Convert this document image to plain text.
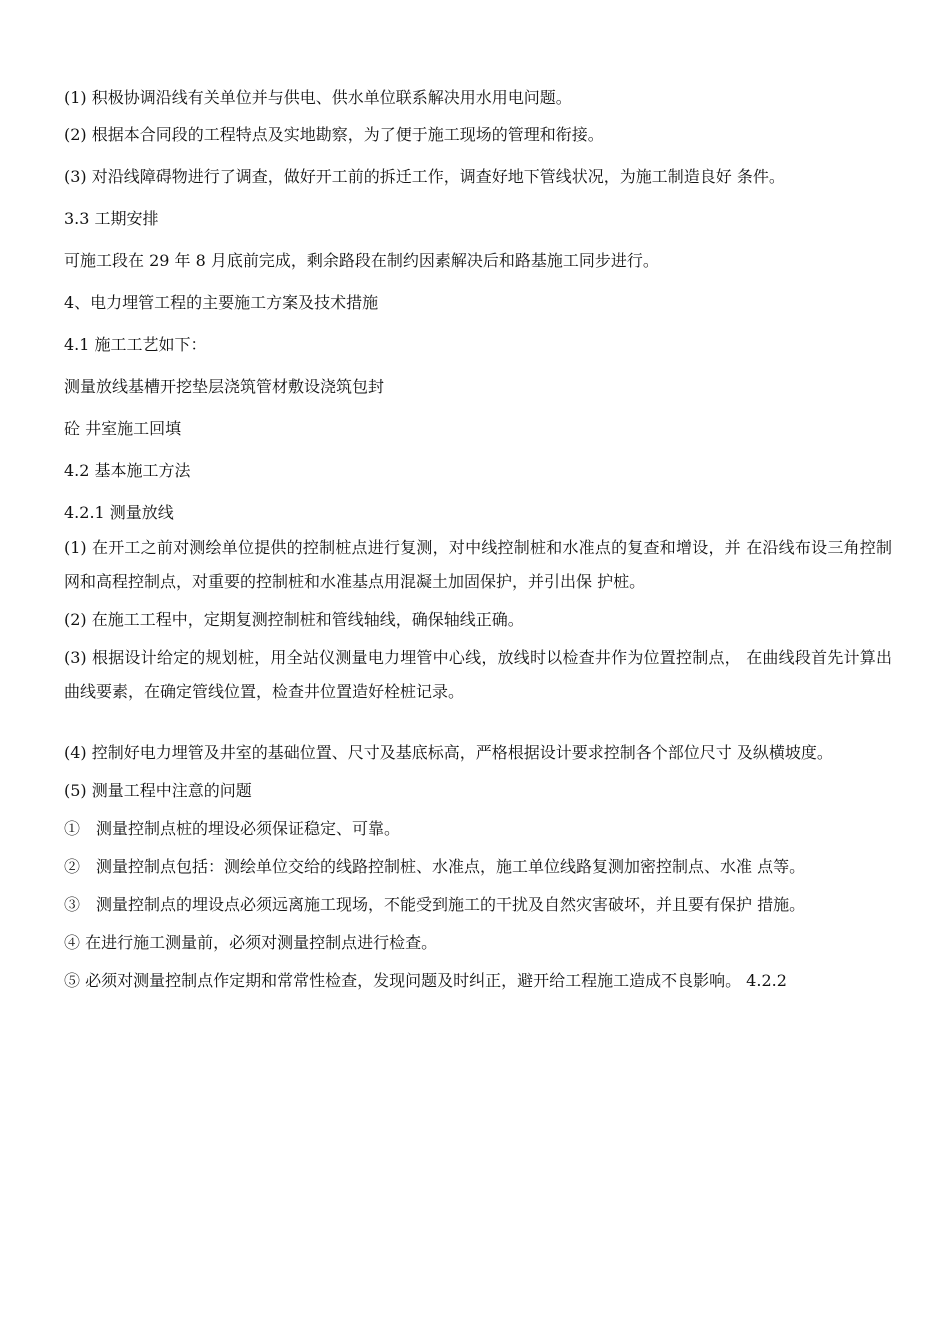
(1) 积极协调沿线有关单位并与供电、供水单位联系解决用水用电问题。

(2) 根据本合同段的工程特点及实地勘察，为了便于施工现场的管理和衔接。

(3) 对沿线障碍物进行了调查，做好开工前的拆迁工作，调查好地下管线状况，为施工制造良好 条件。

3.3 工期安排

可施工段在 29 年 8 月底前完成，剩余路段在制约因素解决后和路基施工同步进行。

4、电力埋管工程的主要施工方案及技术措施

4.1 施工工艺如下：

测量放线基槽开挖垫层浇筑管材敷设浇筑包封

砼 井室施工回填

4.2 基本施工方法

4.2.1 测量放线

(1) 在开工之前对测绘单位提供的控制桩点进行复测，对中线控制桩和水准点的复查和增设，并 在沿线布设三角控制网和高程控制点，对重要的控制桩和水准基点用混凝土加固保护，并引出保 护桩。

(2) 在施工工程中，定期复测控制桩和管线轴线，确保轴线正确。

(3) 根据设计给定的规划桩，用全站仪测量电力埋管中心线，放线时以检查井作为位置控制点， 在曲线段首先计算出曲线要素，在确定管线位置，检查井位置造好栓桩记录。

(4) 控制好电力埋管及井室的基础位置、尺寸及基底标高，严格根据设计要求控制各个部位尺寸 及纵横坡度。

(5) 测量工程中注意的问题

①　测量控制点桩的埋设必须保证稳定、可靠。

②　测量控制点包括：测绘单位交给的线路控制桩、水准点，施工单位线路复测加密控制点、水准 点等。

③　测量控制点的埋设点必须远离施工现场，不能受到施工的干扰及自然灾害破坏，并且要有保护 措施。

④ 在进行施工测量前，必须对测量控制点进行检查。

⑤ 必须对测量控制点作定期和常常性检查，发现问题及时纠正，避开给工程施工造成不良影响。 4.2.2
